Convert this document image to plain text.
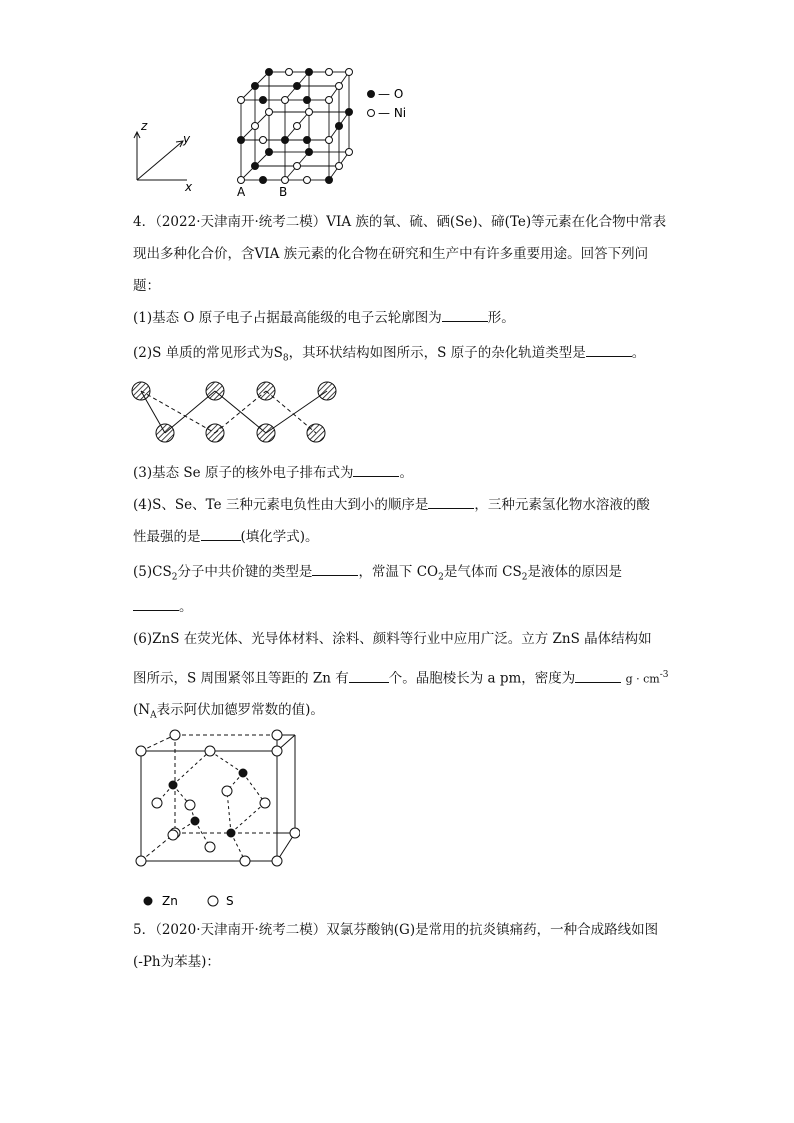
z
y
x
— O
— Ni
A	B
4．（2022·天津南开·统考二模）VIA 族的氧、硫、硒(Se)、碲(Te)等元素在化合物中常表
现出多种化合价，含VIA 族元素的化合物在研究和生产中有许多重要用途。回答下列问
题：
(1)基态 O 原子电子占据最高能级的电子云轮廓图为	形。
(2)S 单质的常见形式为$S_8$，其环状结构如图所示，S 原子的杂化轨道类型是	。
(3)基态 Se 原子的核外电子排布式为	。
(4)S、Se、Te 三种元素电负性由大到小的顺序是	，三种元素氢化物水溶液的酸
性最强的是	(填化学式)。
$(5)CS_2$分子中共价键的类型是	，常温下 $CO_2$是气体而 $CS_2$是液体的原因是
。
(6)ZnS 在荧光体、光导体材料、涂料、颜料等行业中应用广泛。立方 ZnS 晶体结构如
图所示，S 周围紧邻且等距的 Zn 有	个。晶胞棱长为 a pm，密度为	$g \cdot cm^{-3}$
($N_A$表示阿伏加德罗常数的值)。
Zn	S
5．（2020·天津南开·统考二模）双氯芬酸钠(G)是常用的抗炎镇痛药，一种合成路线如图
(-Ph为苯基)：
